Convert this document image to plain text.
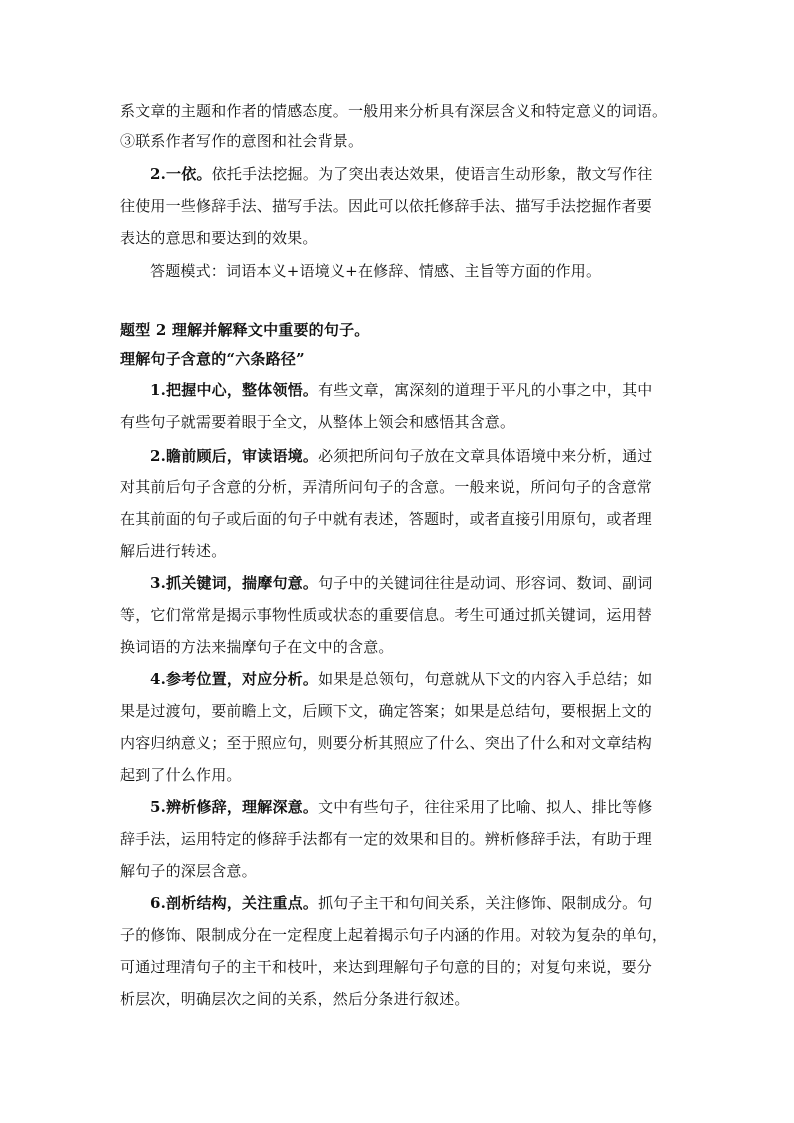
系文章的主题和作者的情感态度。一般用来分析具有深层含义和特定意义的词语。
③联系作者写作的意图和社会背景。
2.一依。依托手法挖掘。为了突出表达效果，使语言生动形象，散文写作往
往使用一些修辞手法、描写手法。因此可以依托修辞手法、描写手法挖掘作者要
表达的意思和要达到的效果。
答题模式：词语本义+语境义+在修辞、情感、主旨等方面的作用。
题型 2 理解并解释文中重要的句子。
理解句子含意的“六条路径”
1.把握中心，整体领悟。有些文章，寓深刻的道理于平凡的小事之中，其中
有些句子就需要着眼于全文，从整体上领会和感悟其含意。
2.瞻前顾后，审读语境。必须把所问句子放在文章具体语境中来分析，通过
对其前后句子含意的分析，弄清所问句子的含意。一般来说，所问句子的含意常
在其前面的句子或后面的句子中就有表述，答题时，或者直接引用原句，或者理
解后进行转述。
3.抓关键词，揣摩句意。句子中的关键词往往是动词、形容词、数词、副词
等，它们常常是揭示事物性质或状态的重要信息。考生可通过抓关键词，运用替
换词语的方法来揣摩句子在文中的含意。
4.参考位置，对应分析。如果是总领句，句意就从下文的内容入手总结；如
果是过渡句，要前瞻上文，后顾下文，确定答案；如果是总结句，要根据上文的
内容归纳意义；至于照应句，则要分析其照应了什么、突出了什么和对文章结构
起到了什么作用。
5.辨析修辞，理解深意。文中有些句子，往往采用了比喻、拟人、排比等修
辞手法，运用特定的修辞手法都有一定的效果和目的。辨析修辞手法，有助于理
解句子的深层含意。
6.剖析结构，关注重点。抓句子主干和句间关系，关注修饰、限制成分。句
子的修饰、限制成分在一定程度上起着揭示句子内涵的作用。对较为复杂的单句，
可通过理清句子的主干和枝叶，来达到理解句子句意的目的；对复句来说，要分
析层次，明确层次之间的关系，然后分条进行叙述。
